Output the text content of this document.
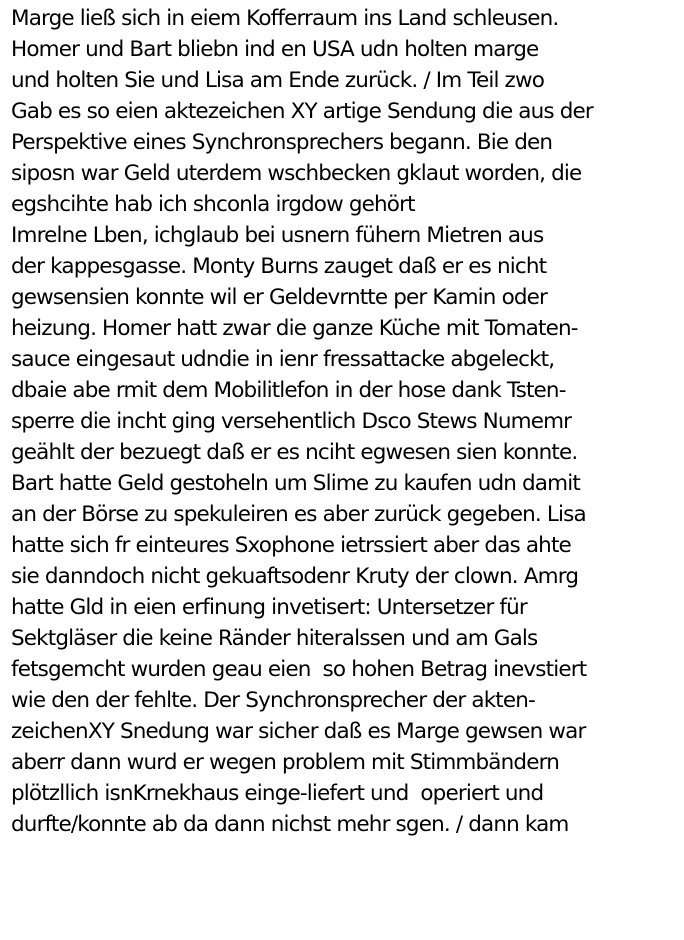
Marge ließ sich in eiem Kofferraum ins Land schleusen.
Homer und Bart bliebn ind en USA udn holten marge
und holten Sie und Lisa am Ende zurück. / Im Teil zwo
Gab es so eien aktezeichen XY artige Sendung die aus der
Perspektive eines Synchronsprechers begann. Bie den
siposn war Geld uterdem wschbecken gklaut worden, die
egshcihte hab ich shconla irgdow gehört
Imrelne Lben, ichglaub bei usnern fühern Mietren aus
der kappesgasse. Monty Burns zauget daß er es nicht
gewsensien konnte wil er Geldevrntte per Kamin oder
heizung. Homer hatt zwar die ganze Küche mit Tomaten-
sauce eingesaut udndie in ienr fressattacke abgeleckt,
dbaie abe rmit dem Mobilitlefon in der hose dank Tsten-
sperre die incht ging versehentlich Dsco Stews Numemr
geählt der bezuegt daß er es nciht egwesen sien konnte.
Bart hatte Geld gestoheln um Slime zu kaufen udn damit
an der Börse zu spekuleiren es aber zurück gegeben. Lisa
hatte sich fr einteures Sxophone ietrssiert aber das ahte
sie danndoch nicht gekuaftsodenr Kruty der clown. Amrg
hatte Gld in eien erfinung invetisert: Untersetzer für
Sektgläser die keine Ränder hiteralssen und am Gals
fetsgemcht wurden geau eien  so hohen Betrag inevstiert
wie den der fehlte. Der Synchronsprecher der akten-
zeichenXY Snedung war sicher daß es Marge gewsen war
aberr dann wurd er wegen problem mit Stimmbändern
plötzllich isnKrnekhaus einge-liefert und  operiert und
durfte/konnte ab da dann nichst mehr sgen. / dann kam
